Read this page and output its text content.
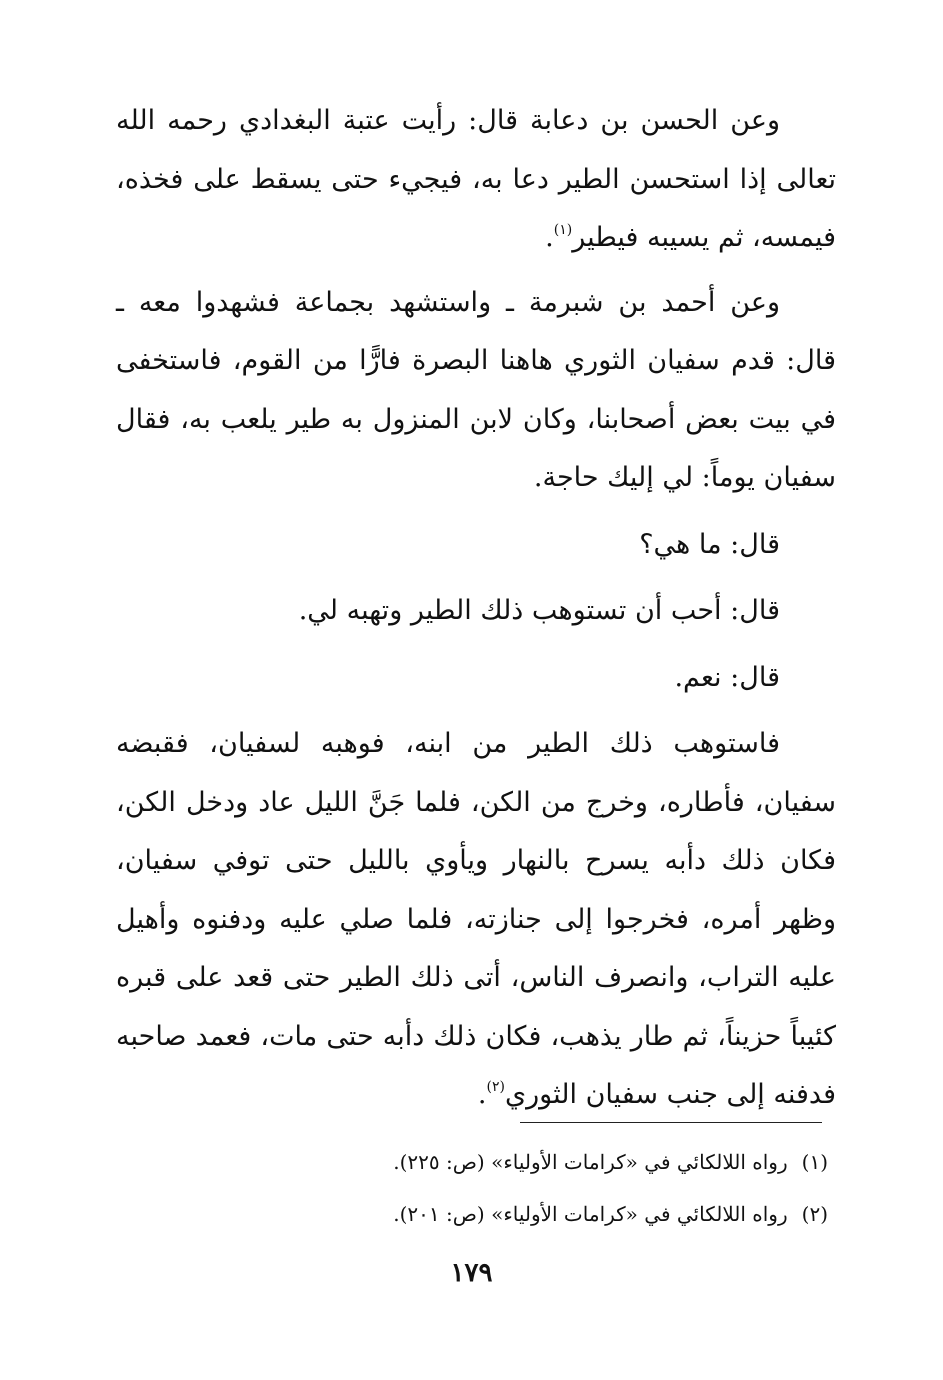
وعن الحسن بن دعابة قال: رأيت عتبة البغدادي رحمه الله تعالى إذا استحسن الطير دعا به، فيجيء حتى يسقط على فخذه، فيمسه، ثم يسيبه فيطير$^{(١)}$.

وعن أحمد بن شبرمة ـ واستشهد بجماعة فشهدوا معه ـ قال: قدم سفيان الثوري هاهنا البصرة فارًّا من القوم، فاستخفى في بيت بعض أصحابنا، وكان لابن المنزول به طير يلعب به، فقال سفيان يوماً: لي إليك حاجة.

قال: ما هي؟

قال: أحب أن تستوهب ذلك الطير وتهبه لي.

قال: نعم.

فاستوهب ذلك الطير من ابنه، فوهبه لسفيان، فقبضه سفيان، فأطاره، وخرج من الكن، فلما جَنَّ الليل عاد ودخل الكن، فكان ذلك دأبه يسرح بالنهار ويأوي بالليل حتى توفي سفيان، وظهر أمره، فخرجوا إلى جنازته، فلما صلي عليه ودفنوه وأهيل عليه التراب، وانصرف الناس، أتى ذلك الطير حتى قعد على قبره كئيباً حزيناً، ثم طار يذهب، فكان ذلك دأبه حتى مات، فعمد صاحبه فدفنه إلى جنب سفيان الثوري$^{(٢)}$.

(١)رواه اللالكائي في «كرامات الأولياء» (ص: ٢٢٥).

(٢)رواه اللالكائي في «كرامات الأولياء» (ص: ٢٠١).

١٧٩
